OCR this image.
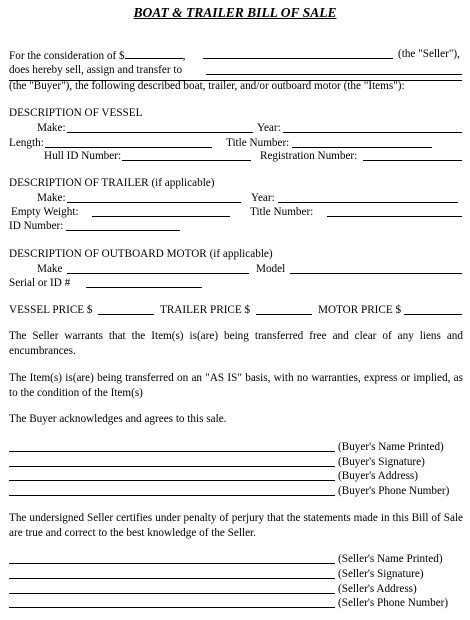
BOAT & TRAILER BILL OF SALE
For the consideration of $	,	(the "Seller"),
does hereby sell, assign and transfer to
(the "Buyer"), the following described boat, trailer, and/or outboard motor (the "Items"):
DESCRIPTION OF VESSEL
Make:	Year:
Length:	Title Number:
Hull ID Number:	Registration Number:
DESCRIPTION OF TRAILER (if applicable)
Make:	Year:
Empty Weight:	Title Number:
ID Number:
DESCRIPTION OF OUTBOARD MOTOR (if applicable)
Make	Model
Serial or ID #
VESSEL PRICE $	TRAILER PRICE $	MOTOR PRICE $
The Seller warrants that the Item(s) is(are) being transferred free and clear of any liens and encumbrances.
The Item(s) is(are) being transferred on an "AS IS" basis, with no warranties, express or implied, as to the condition of the Item(s)
The Buyer acknowledges and agrees to this sale.
(Buyer's Name Printed)
(Buyer's Signature)
(Buyer's Address)
(Buyer's Phone Number)
The undersigned Seller certifies under penalty of perjury that the statements made in this Bill of Sale are true and correct to the best knowledge of the Seller.
(Seller's Name Printed)
(Seller's Signature)
(Seller's Address)
(Seller's Phone Number)
